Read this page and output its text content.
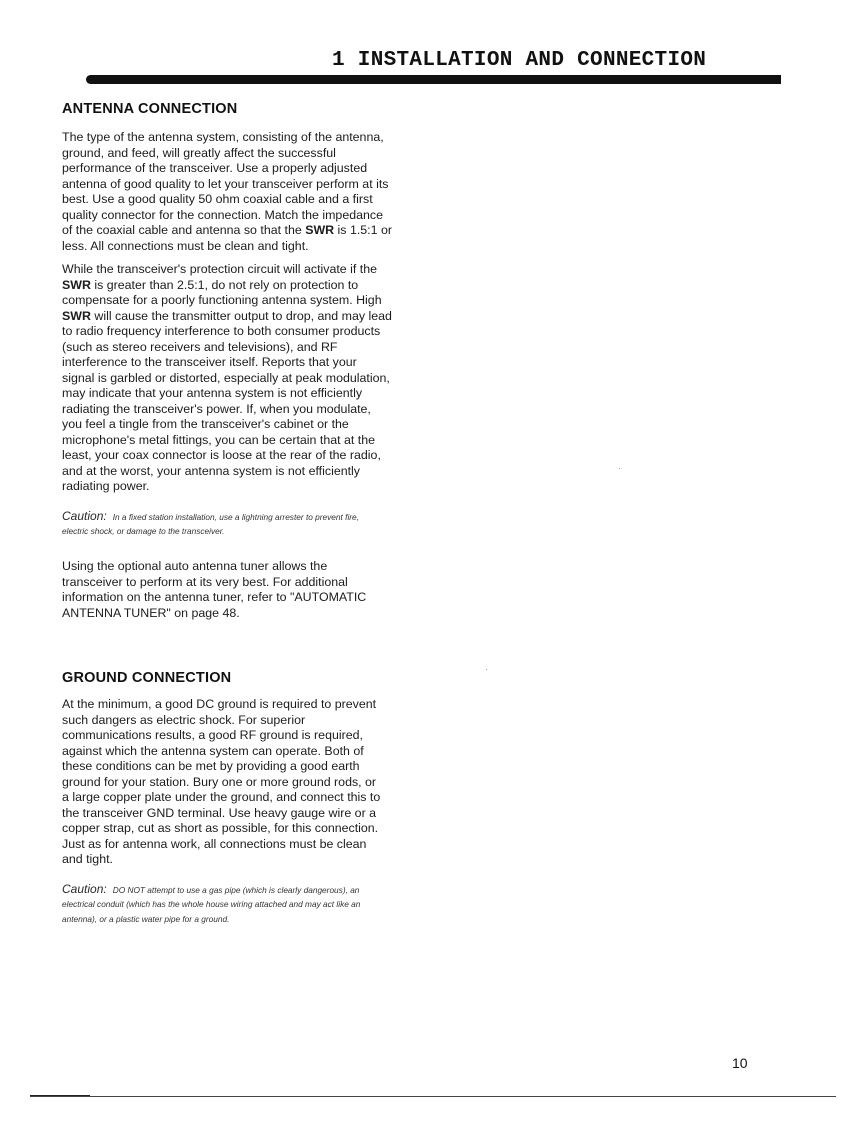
1 INSTALLATION AND CONNECTION
ANTENNA CONNECTION

The type of the antenna system, consisting of the antenna, ground, and feed, will greatly affect the successful performance of the transceiver. Use a properly adjusted antenna of good quality to let your transceiver perform at its best. Use a good quality 50 ohm coaxial cable and a first quality connector for the connection. Match the impedance of the coaxial cable and antenna so that the SWR is 1.5:1 or less. All connections must be clean and tight.

While the transceiver's protection circuit will activate if the SWR is greater than 2.5:1, do not rely on protection to compensate for a poorly functioning antenna system. High SWR will cause the transmitter output to drop, and may lead to radio frequency interference to both consumer products (such as stereo receivers and televisions), and RF interference to the transceiver itself. Reports that your signal is garbled or distorted, especially at peak modulation, may indicate that your antenna system is not efficiently radiating the transceiver's power. If, when you modulate, you feel a tingle from the transceiver's cabinet or the microphone's metal fittings, you can be certain that at the least, your coax connector is loose at the rear of the radio, and at the worst, your antenna system is not efficiently radiating power.

Caution: In a fixed station installation, use a lightning arrester to prevent fire, electric shock, or damage to the transceiver.

Using the optional auto antenna tuner allows the transceiver to perform at its very best. For additional information on the antenna tuner, refer to "AUTOMATIC ANTENNA TUNER" on page 48.

GROUND CONNECTION

At the minimum, a good DC ground is required to prevent such dangers as electric shock. For superior communications results, a good RF ground is required, against which the antenna system can operate. Both of these conditions can be met by providing a good earth ground for your station. Bury one or more ground rods, or a large copper plate under the ground, and connect this to the transceiver GND terminal. Use heavy gauge wire or a copper strap, cut as short as possible, for this connection. Just as for antenna work, all connections must be clean and tight.

Caution: DO NOT attempt to use a gas pipe (which is clearly dangerous), an electrical conduit (which has the whole house wiring attached and may act like an antenna), or a plastic water pipe for a ground.

10
